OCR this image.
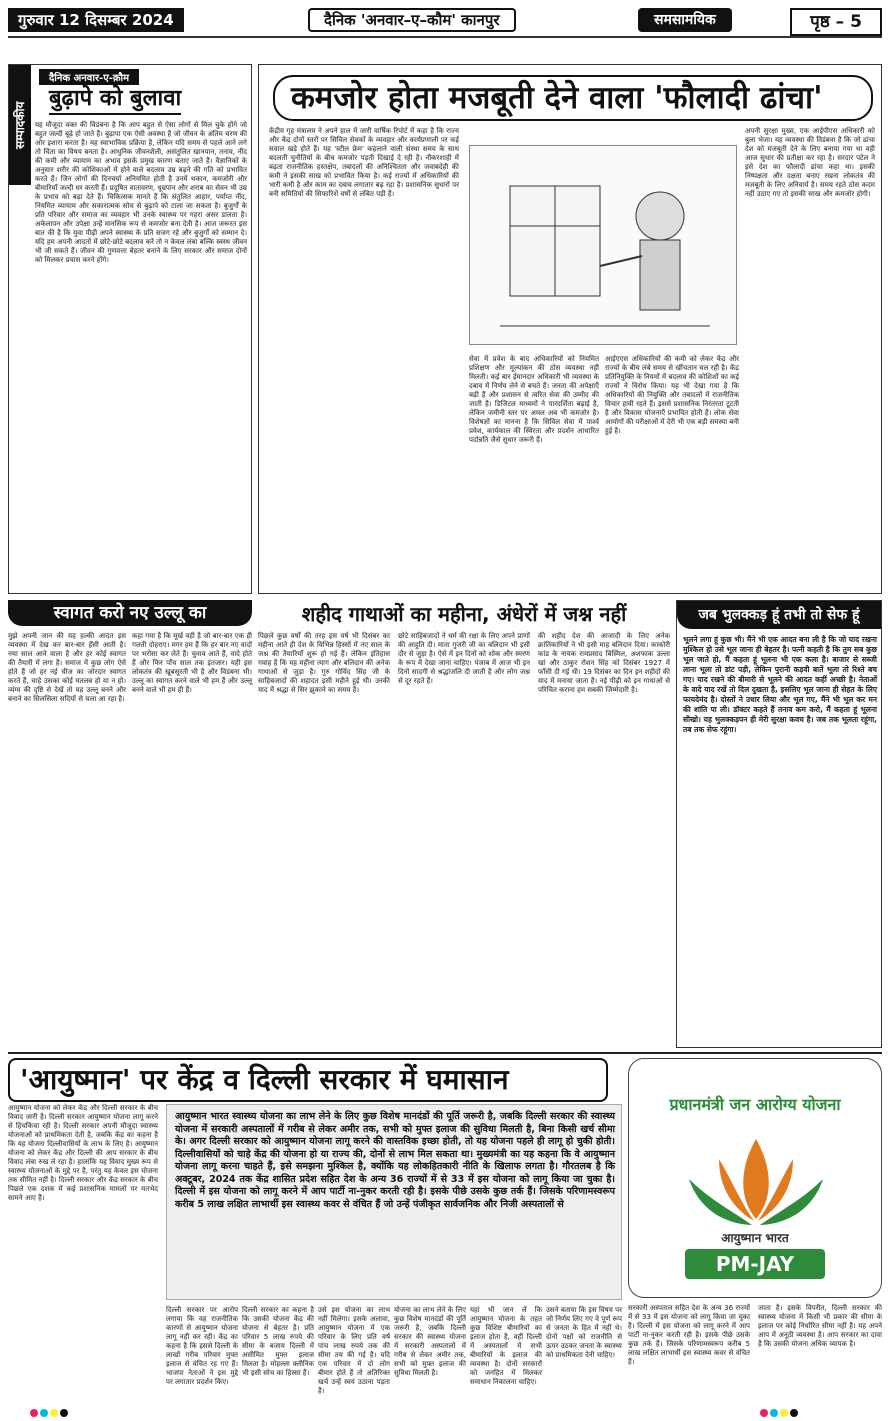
गुरुवार 12 दिसम्बर 2024	दैनिक 'अनवार–ए–कौम' कानपुर	समसामयिक	पृष्ठ – 5
सम्पादकीय
दैनिक अनवार-ए-क़ौम
बुढ़ापे को बुलावा
यह मौजूदा वक्त की विडंबना है कि आप बहुत से ऐसा लोगों से मिल चुके होंगे जो बहुत जल्दी बूढ़े हो जाते हैं। बुढ़ापा एक ऐसी अवस्था है जो जीवन के अंतिम चरण की ओर इशारा करता है। यह स्वाभाविक प्रक्रिया है, लेकिन यदि समय से पहले आने लगे तो चिंता का विषय बनता है। आधुनिक जीवनशैली, असंतुलित खानपान, तनाव, नींद की कमी और व्यायाम का अभाव इसके प्रमुख कारण बताए जाते हैं। वैज्ञानिकों के अनुसार शरीर की कोशिकाओं में होने वाले बदलाव उम्र बढ़ने की गति को प्रभावित करते हैं। जिन लोगों की दिनचर्या अनियमित होती है उनमें थकान, कमजोरी और बीमारियाँ जल्दी घर करती हैं। प्रदूषित वातावरण, धूम्रपान और शराब का सेवन भी उम्र के प्रभाव को बढ़ा देते हैं। चिकित्सक मानते हैं कि संतुलित आहार, पर्याप्त नींद, नियमित व्यायाम और सकारात्मक सोच से बुढ़ापे को टाला जा सकता है। बुजुर्गों के प्रति परिवार और समाज का व्यवहार भी उनके स्वास्थ्य पर गहरा असर डालता है। अकेलापन और उपेक्षा उन्हें मानसिक रूप से कमजोर बना देती है। आज जरूरत इस बात की है कि युवा पीढ़ी अपने स्वास्थ्य के प्रति सजग रहे और बुजुर्गों को सम्मान दे। यदि हम अपनी आदतों में छोटे-छोटे बदलाव करें तो न केवल लंबा बल्कि स्वस्थ जीवन भी जी सकते हैं। जीवन की गुणवत्ता बेहतर बनाने के लिए सरकार और समाज दोनों को मिलकर प्रयास करने होंगे।
कमजोर होता मजबूती देने वाला 'फौलादी ढांचा'
केंद्रीय गृह मंत्रालय ने अपने हाल में जारी वार्षिक रिपोर्ट में कहा है कि राज्य और केंद्र दोनों स्तरों पर सिविल सेवकों के व्यवहार और कार्यप्रणाली पर कई सवाल खड़े होते हैं। यह 'स्टील फ्रेम' कहलाने वाली संस्था समय के साथ बदलती चुनौतियों के बीच कमजोर पड़ती दिखाई दे रही है। नौकरशाही में बढ़ता राजनीतिक हस्तक्षेप, तबादलों की अनिश्चितता और जवाबदेही की कमी ने इसकी साख को प्रभावित किया है। कई राज्यों में अधिकारियों की भारी कमी है और काम का दबाव लगातार बढ़ रहा है। प्रशासनिक सुधारों पर बनी समितियों की सिफारिशें वर्षों से लंबित पड़ी हैं।
सेवा में प्रवेश के बाद अधिकारियों को नियमित प्रशिक्षण और मूल्यांकन की ठोस व्यवस्था नहीं मिलती। कई बार ईमानदार अधिकारी भी व्यवस्था के दबाव में निर्णय लेने से बचते हैं। जनता की अपेक्षाएँ बढ़ी हैं और प्रशासन से त्वरित सेवा की उम्मीद की जाती है। डिजिटल माध्यमों ने पारदर्शिता बढ़ाई है, लेकिन जमीनी स्तर पर अमल अब भी कमजोर है। विशेषज्ञों का मानना है कि सिविल सेवा में पार्श्व प्रवेश, कार्यकाल की स्थिरता और प्रदर्शन आधारित पदोन्नति जैसे सुधार जरूरी हैं।
आईएएस अधिकारियों की कमी को लेकर केंद्र और राज्यों के बीच लंबे समय से खींचतान चल रही है। केंद्र प्रतिनियुक्ति के नियमों में बदलाव की कोशिशों का कई राज्यों ने विरोध किया। यह भी देखा गया है कि अधिकारियों की नियुक्ति और तबादलों में राजनीतिक विचार हावी रहते हैं। इससे प्रशासनिक निरंतरता टूटती है और विकास योजनाएँ प्रभावित होती हैं। लोक सेवा आयोगों की परीक्षाओं में देरी भी एक बड़ी समस्या बनी हुई है।
अपनी सुरक्षा मुख्य, एक आईपीएस अधिकारी को बुला भेजा। यह व्यवस्था की विडंबना है कि जो ढांचा देश को मजबूती देने के लिए बनाया गया था वही आज सुधार की प्रतीक्षा कर रहा है। सरदार पटेल ने इसे देश का फौलादी ढांचा कहा था। इसकी निष्पक्षता और दक्षता बनाए रखना लोकतंत्र की मजबूती के लिए अनिवार्य है। समय रहते ठोस कदम नहीं उठाए गए तो इसकी साख और कमजोर होगी।
स्वागत करो नए उल्लू का
मुझे अपनी जान की यह हल्की आदत इस व्यवस्था में देख कर बार-बार हँसी आती है। नया साल आने वाला है और हर कोई स्वागत की तैयारी में लगा है। समाज में कुछ लोग ऐसे होते हैं जो हर नई चीज का जोरदार स्वागत करते हैं, चाहे उसका कोई मतलब हो या न हो। व्यंग्य की दृष्टि से देखें तो यह उल्लू बनने और बनाने का सिलसिला सदियों से चला आ रहा है।
कहा गया है कि मूर्ख वही है जो बार-बार एक ही गलती दोहराए। मगर हम हैं कि हर बार नए वादों पर भरोसा कर लेते हैं। चुनाव आते हैं, वादे होते हैं और फिर पाँच साल तक इंतजार। यही इस लोकतंत्र की खूबसूरती भी है और विडंबना भी। उल्लू का स्वागत करने वाले भी हम हैं और उल्लू बनने वाले भी हम ही हैं।
शहीद गाथाओं का महीना, अंधेरों में जश्न नहीं
पिछले कुछ वर्षों की तरह इस वर्ष भी दिसंबर का महीना आते ही देश के विभिन्न हिस्सों में नए साल के जश्न की तैयारियाँ शुरू हो गई हैं। लेकिन इतिहास गवाह है कि यह महीना त्याग और बलिदान की अनेक गाथाओं से जुड़ा है। गुरु गोविंद सिंह जी के साहिबजादों की शहादत इसी महीने हुई थी। उनकी याद में श्रद्धा से सिर झुकाने का समय है।
छोटे साहिबजादों ने धर्म की रक्षा के लिए अपने प्राणों की आहुति दी। माता गुजरी जी का बलिदान भी इसी दौर से जुड़ा है। ऐसे में इन दिनों को शोक और स्मरण के रूप में देखा जाना चाहिए। पंजाब में आज भी इन दिनों सादगी से श्रद्धांजलि दी जाती है और लोग जश्न से दूर रहते हैं।
की शहीद देश की आजादी के लिए अनेक क्रांतिकारियों ने भी इसी माह बलिदान दिया। काकोरी कांड के नायक रामप्रसाद बिस्मिल, अशफाक उल्ला खां और ठाकुर रोशन सिंह को दिसंबर 1927 में फाँसी दी गई थी। 19 दिसंबर का दिन इन शहीदों की याद में मनाया जाता है। नई पीढ़ी को इन गाथाओं से परिचित कराना हम सबकी जिम्मेदारी है।
जब भुलक्कड़ हूं तभी तो सेफ हूं
भूलने लगा हूं कुछ भी। मैंने भी एक आदत बना ली है कि जो याद रखना मुश्किल हो उसे भूल जाना ही बेहतर है। पत्नी कहती है कि तुम सब कुछ भूल जाते हो, मैं कहता हूं भूलना भी एक कला है। बाजार से सब्जी लाना भूला तो डांट पड़ी, लेकिन पुरानी कड़वी बातें भूला तो रिश्ते बच गए। याद रखने की बीमारी से भूलने की आदत कहीं अच्छी है। नेताओं के वादे याद रखें तो दिल दुखता है, इसलिए भूल जाना ही सेहत के लिए फायदेमंद है। दोस्तों ने उधार लिया और भूल गए, मैंने भी भूल कर मन की शांति पा ली। डॉक्टर कहते हैं तनाव कम करो, मैं कहता हूं भूलना सीखो। यह भुलक्कड़पन ही मेरी सुरक्षा कवच है। जब तक भूलता रहूंगा, तब तक सेफ रहूंगा।
'आयुष्मान' पर केंद्र व दिल्ली सरकार में घमासान
आयुष्मान योजना को लेकर केंद्र और दिल्ली सरकार के बीच विवाद जारी है। दिल्ली सरकार आयुष्मान योजना लागू करने से हिचकिचा रही है। दिल्ली सरकार अपनी मौजूदा स्वास्थ्य योजनाओं को प्राथमिकता देती है, जबकि केंद्र का कहना है कि यह योजना दिल्लीवासियों के लाभ के लिए है। आयुष्मान योजना को लेकर केंद्र और दिल्ली की आप सरकार के बीच विवाद लंबा रुख ले रहा है। हालांकि यह विवाद मुख्य रूप से स्वास्थ्य योजनाओं के मुद्दे पर है, परंतु यह केवल इस योजना तक सीमित नहीं है। दिल्ली सरकार और केंद्र सरकार के बीच पिछले एक दशक में कई प्रशासनिक मामलों पर मतभेद सामने आए हैं।
आयुष्मान भारत स्वास्थ्य योजना का लाभ लेने के लिए कुछ विशेष मानदंडों की पूर्ति जरूरी है, जबकि दिल्ली सरकार की स्वास्थ्य योजना में सरकारी अस्पतालों में गरीब से लेकर अमीर तक, सभी को मुफ्त इलाज की सुविधा मिलती है, बिना किसी खर्च सीमा के। अगर दिल्ली सरकार को आयुष्मान योजना लागू करने की वास्तविक इच्छा होती, तो यह योजना पहले ही लागू हो चुकी होती। दिल्लीवासियों को चाहे केंद्र की योजना हो या राज्य की, दोनों से लाभ मिल सकता था। मुख्यमंत्री का यह कहना कि वे आयुष्मान योजना लागू करना चाहते हैं, इसे समझना मुश्किल है, क्योंकि यह लोकहितकारी नीति के खिलाफ लगता है। गौरतलब है कि अक्टूबर, 2024 तक केंद्र शासित प्रदेश सहित देश के अन्य 36 राज्यों में से 33 में इस योजना को लागू किया जा चुका है। दिल्ली में इस योजना को लागू करने में आप पार्टी ना-नुकर करती रही है। इसके पीछे उसके कुछ तर्क हैं। जिसके परिणामस्वरूप करीब 5 लाख लक्षित लाभार्थी इस स्वास्थ्य कवर से वंचित हैं जो उन्हें पंजीकृत सार्वजनिक और निजी अस्पतालों से
प्रधानमंत्री जन आरोग्य योजना
आयुष्मान भारत
PM-JAY
सरकारी अस्पताल सहित देश के अन्य 36 राज्यों में से 33 में इस योजना को लागू किया जा चुका है। दिल्ली में इस योजना को लागू करने में आप पार्टी ना-नुकर करती रही है। इसके पीछे उसके कुछ तर्क हैं। जिसके परिणामस्वरूप करीब 5 लाख लक्षित लाभार्थी इस स्वास्थ्य कवर से वंचित हैं।
जाता है। इसके विपरीत, दिल्ली सरकार की स्वास्थ्य योजना में किसी भी प्रकार की सीमा के इलाज पर कोई निर्धारित सीमा नहीं है। यह अपने आप में अनूठी व्यवस्था है। आप सरकार का दावा है कि उसकी योजना अधिक व्यापक है।
दिल्ली सरकार पर आरोप लगाया कि वह राजनीतिक कारणों से आयुष्मान योजना लागू नहीं कर रही। केंद्र का कहना है कि इससे दिल्ली के लाखों गरीब परिवार मुफ्त इलाज से वंचित रह गए हैं। भाजपा नेताओं ने इस मुद्दे पर लगातार प्रदर्शन किए।
दिल्ली सरकार का कहना है कि उसकी योजना केंद्र की योजना से बेहतर है। प्रति परिवार 5 लाख रुपये की सीमा के बजाय दिल्ली में असीमित मुफ्त इलाज मिलता है। मोहल्ला क्लीनिक भी इसी सोच का हिस्सा हैं।
उसे इस योजना का लाभ नहीं मिलेगा। इसके अलावा, आयुष्मान योजना में एक परिवार के लिए प्रति वर्ष पांच लाख रुपये तक की सीमा तय की गई है। यदि एक परिवार में दो लोग बीमार होते हैं तो अतिरिक्त खर्च उन्हें स्वयं उठाना पड़ता है।
योजना का लाभ लेने के लिए कुछ विशेष मानदंडों की पूर्ति जरूरी है, जबकि दिल्ली सरकार की स्वास्थ्य योजना में सरकारी अस्पतालों में गरीब से लेकर अमीर तक, सभी को मुफ्त इलाज की सुविधा मिलती है।
यहां भी जान लें कि आयुष्मान योजना के तहत कुछ विशिष्ट बीमारियों का इलाज होता है, वहीं दिल्ली में अस्पतालों में सभी बीमारियों के इलाज की व्यवस्था है। दोनों सरकारों को जनहित में मिलकर समाधान निकालना चाहिए।
उसने बताया कि इस विषय पर जो निर्णय लिए गए वे पूर्ण रूप से जनता के हित में नहीं थे। दोनों पक्षों को राजनीति से ऊपर उठकर जनता के स्वास्थ्य को प्राथमिकता देनी चाहिए।
